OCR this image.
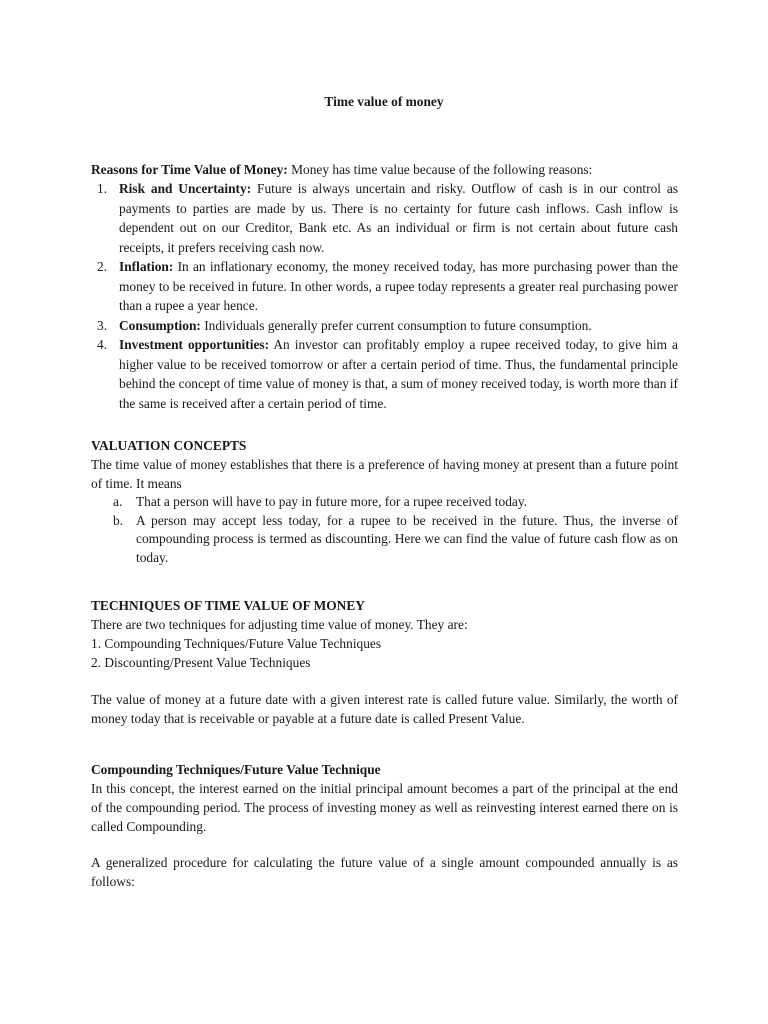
Time value of money
Reasons for Time Value of Money: Money has time value because of the following reasons:
1. Risk and Uncertainty: Future is always uncertain and risky. Outflow of cash is in our control as payments to parties are made by us. There is no certainty for future cash inflows. Cash inflow is dependent out on our Creditor, Bank etc. As an individual or firm is not certain about future cash receipts, it prefers receiving cash now.
2. Inflation: In an inflationary economy, the money received today, has more purchasing power than the money to be received in future. In other words, a rupee today represents a greater real purchasing power than a rupee a year hence.
3. Consumption: Individuals generally prefer current consumption to future consumption.
4. Investment opportunities: An investor can profitably employ a rupee received today, to give him a higher value to be received tomorrow or after a certain period of time. Thus, the fundamental principle behind the concept of time value of money is that, a sum of money received today, is worth more than if the same is received after a certain period of time.
VALUATION CONCEPTS
The time value of money establishes that there is a preference of having money at present than a future point of time. It means
a. That a person will have to pay in future more, for a rupee received today.
b. A person may accept less today, for a rupee to be received in the future. Thus, the inverse of compounding process is termed as discounting. Here we can find the value of future cash flow as on today.
TECHNIQUES OF TIME VALUE OF MONEY
There are two techniques for adjusting time value of money. They are:
1. Compounding Techniques/Future Value Techniques
2. Discounting/Present Value Techniques
The value of money at a future date with a given interest rate is called future value. Similarly, the worth of money today that is receivable or payable at a future date is called Present Value.
Compounding Techniques/Future Value Technique
In this concept, the interest earned on the initial principal amount becomes a part of the principal at the end of the compounding period. The process of investing money as well as reinvesting interest earned there on is called Compounding.
A generalized procedure for calculating the future value of a single amount compounded annually is as follows:
